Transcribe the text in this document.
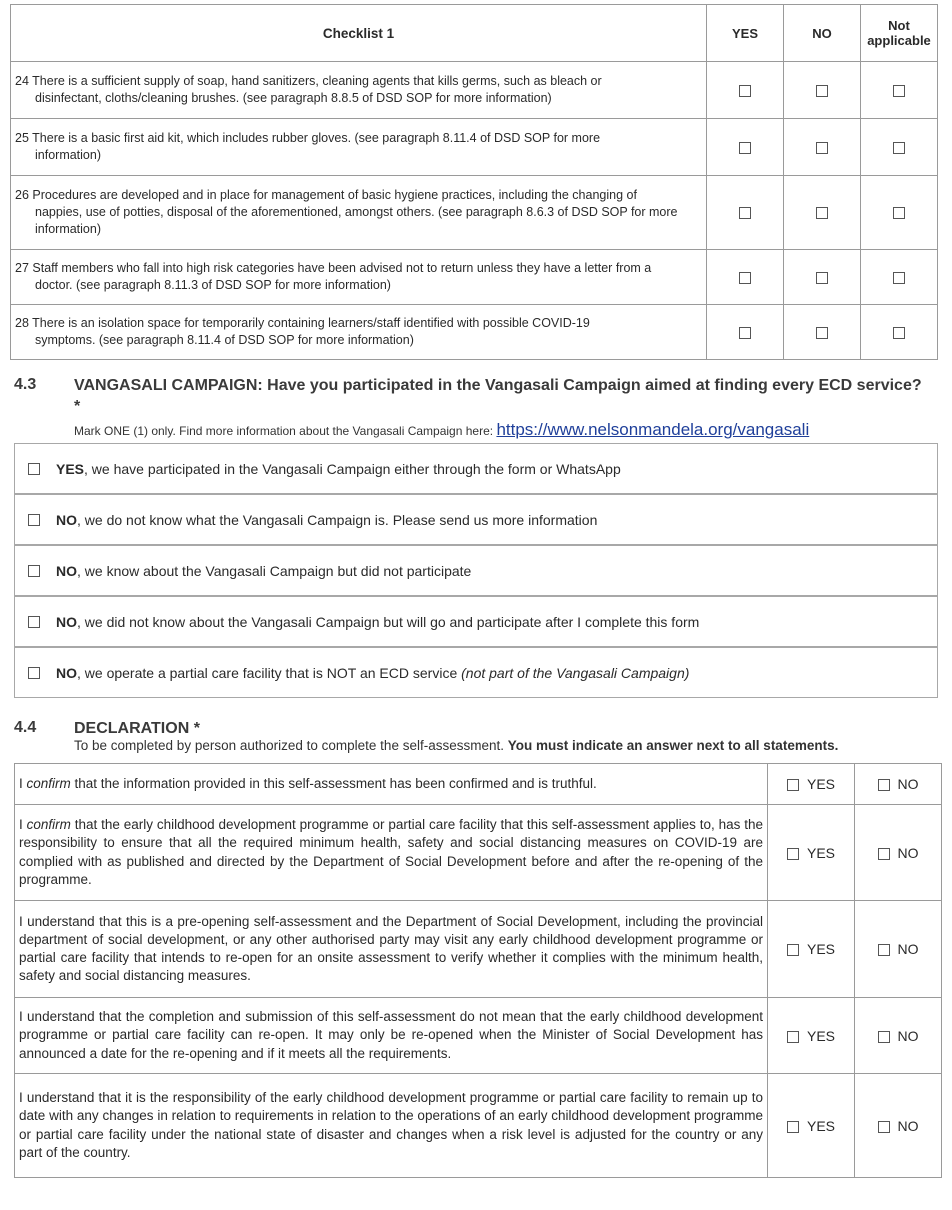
Checklist 1	YES	NO	Not applicable
24 There is a sufficient supply of soap, hand sanitizers, cleaning agents that kills germs, such as bleach or
disinfectant, cloths/cleaning brushes. (see paragraph 8.8.5 of DSD SOP for more information)			

25 There is a basic first aid kit, which includes rubber gloves. (see paragraph 8.11.4 of DSD SOP for more
information)			

26 Procedures are developed and in place for management of basic hygiene practices, including the changing of
nappies, use of potties, disposal of the aforementioned, amongst others. (see paragraph 8.6.3 of DSD SOP for more information)			

27 Staff members who fall into high risk categories have been advised not to return unless they have a letter from a
doctor. (see paragraph 8.11.3 of DSD SOP for more information)			

28 There is an isolation space for temporarily containing learners/staff identified with possible COVID-19
symptoms. (see paragraph 8.11.4 of DSD SOP for more information)			

4.3 VANGASALI CAMPAIGN: Have you participated in the Vangasali Campaign aimed at finding every ECD service?*
Mark ONE (1) only. Find more information about the Vangasali Campaign here: https://www.nelsonmandela.org/vangasali
YES, we have participated in the Vangasali Campaign either through the form or WhatsApp
NO, we do not know what the Vangasali Campaign is. Please send us more information
NO, we know about the Vangasali Campaign but did not participate
NO, we did not know about the Vangasali Campaign but will go and participate after I complete this form
NO, we operate a partial care facility that is NOT an ECD service (not part of the Vangasali Campaign)
4.4 DECLARATION *
To be completed by person authorized to complete the self-assessment. You must indicate an answer next to all statements.
I confirm that the information provided in this self-assessment has been confirmed and is truthful.	YES	NO
I confirm that the early childhood development programme or partial care facility that this self-assessment applies to, has the responsibility to ensure that all the required minimum health, safety and social distancing measures on COVID-19 are complied with as published and directed by the Department of Social Development before and after the re-opening of the programme.	YES	NO
I understand that this is a pre-opening self-assessment and the Department of Social Development, including the provincial department of social development, or any other authorised party may visit any early childhood development programme or partial care facility that intends to re-open for an onsite assessment to verify whether it complies with the minimum health, safety and social distancing measures.	YES	NO
I understand that the completion and submission of this self-assessment do not mean that the early childhood development programme or partial care facility can re-open. It may only be re-opened when the Minister of Social Development has announced a date for the re-opening and if it meets all the requirements.	YES	NO
I understand that it is the responsibility of the early childhood development programme or partial care facility to remain up to date with any changes in relation to requirements in relation to the operations of an early childhood development programme or partial care facility under the national state of disaster and changes when a risk level is adjusted for the country or any part of the country.	YES	NO
